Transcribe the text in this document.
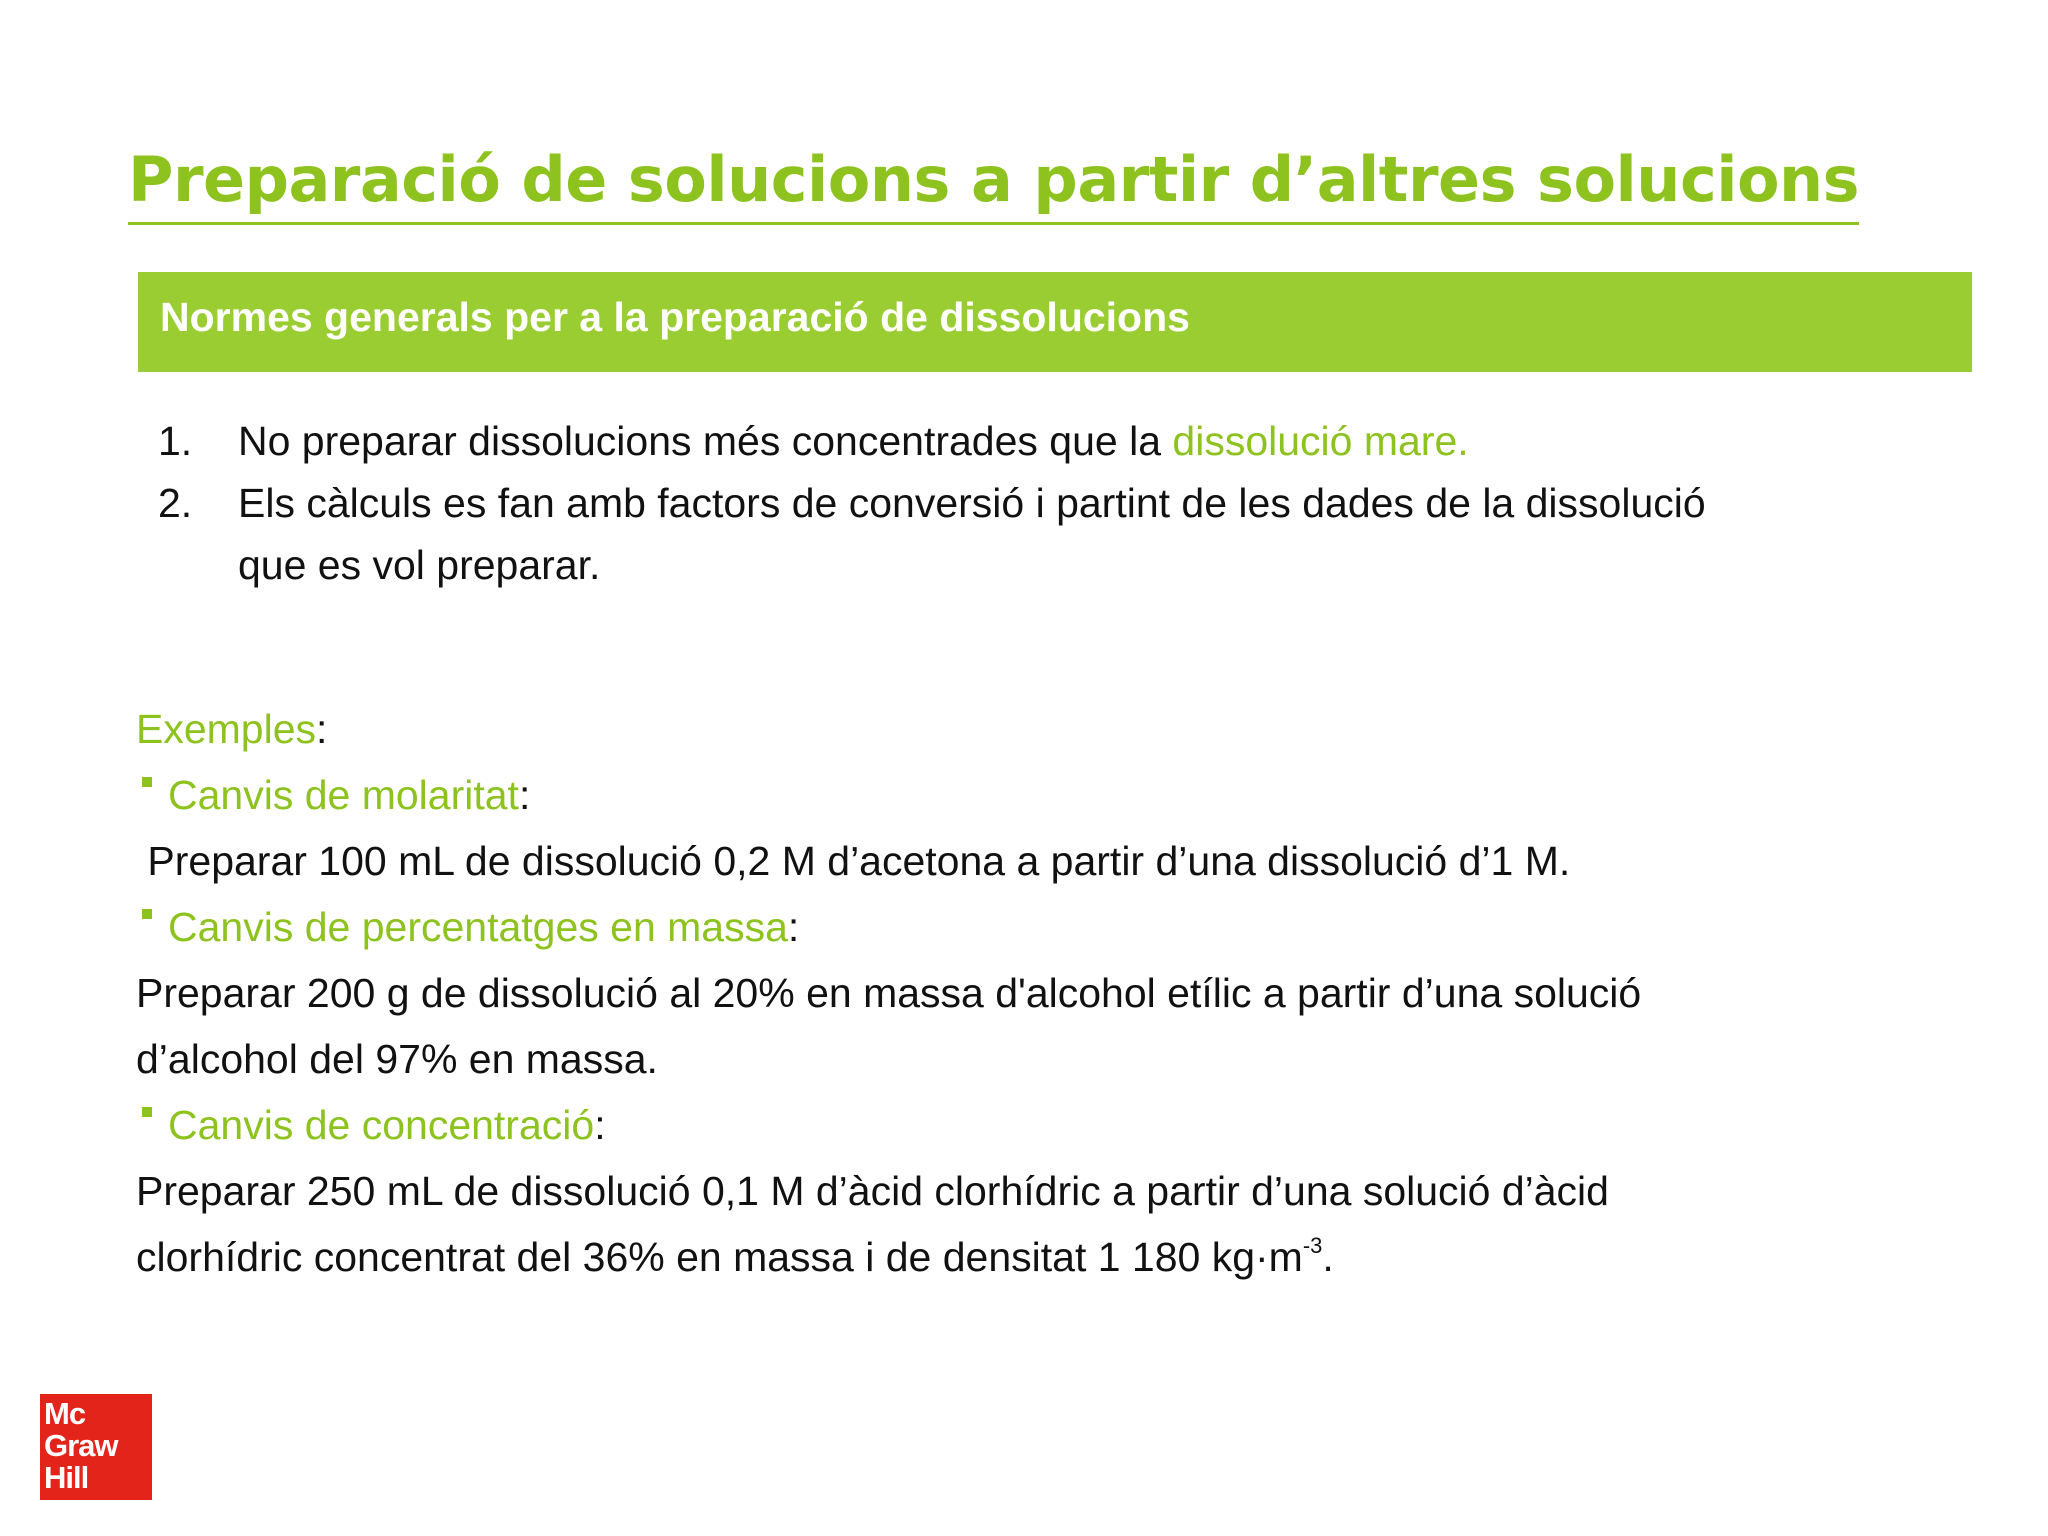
Preparació de solucions a partir d’altres solucions
Normes generals per a la preparació de dissolucions
1. No preparar dissolucions més concentrades que la dissolució mare.
2. Els càlculs es fan amb factors de conversió i partint de les dades de la dissolució
que es vol preparar.
Exemples:
Canvis de molaritat:
Preparar 100 mL de dissolució 0,2 M d’acetona a partir d’una dissolució d’1 M.
Canvis de percentatges en massa:
Preparar 200 g de dissolució al 20% en massa d'alcohol etílic a partir d’una solució
d’alcohol del 97% en massa.
Canvis de concentració:
Preparar 250 mL de dissolució 0,1 M d’àcid clorhídric a partir d’una solució d’àcid
clorhídric concentrat del 36% en massa i de densitat 1 180 $kg\cdot m^{-3}$.
Mc
Graw
Hill
